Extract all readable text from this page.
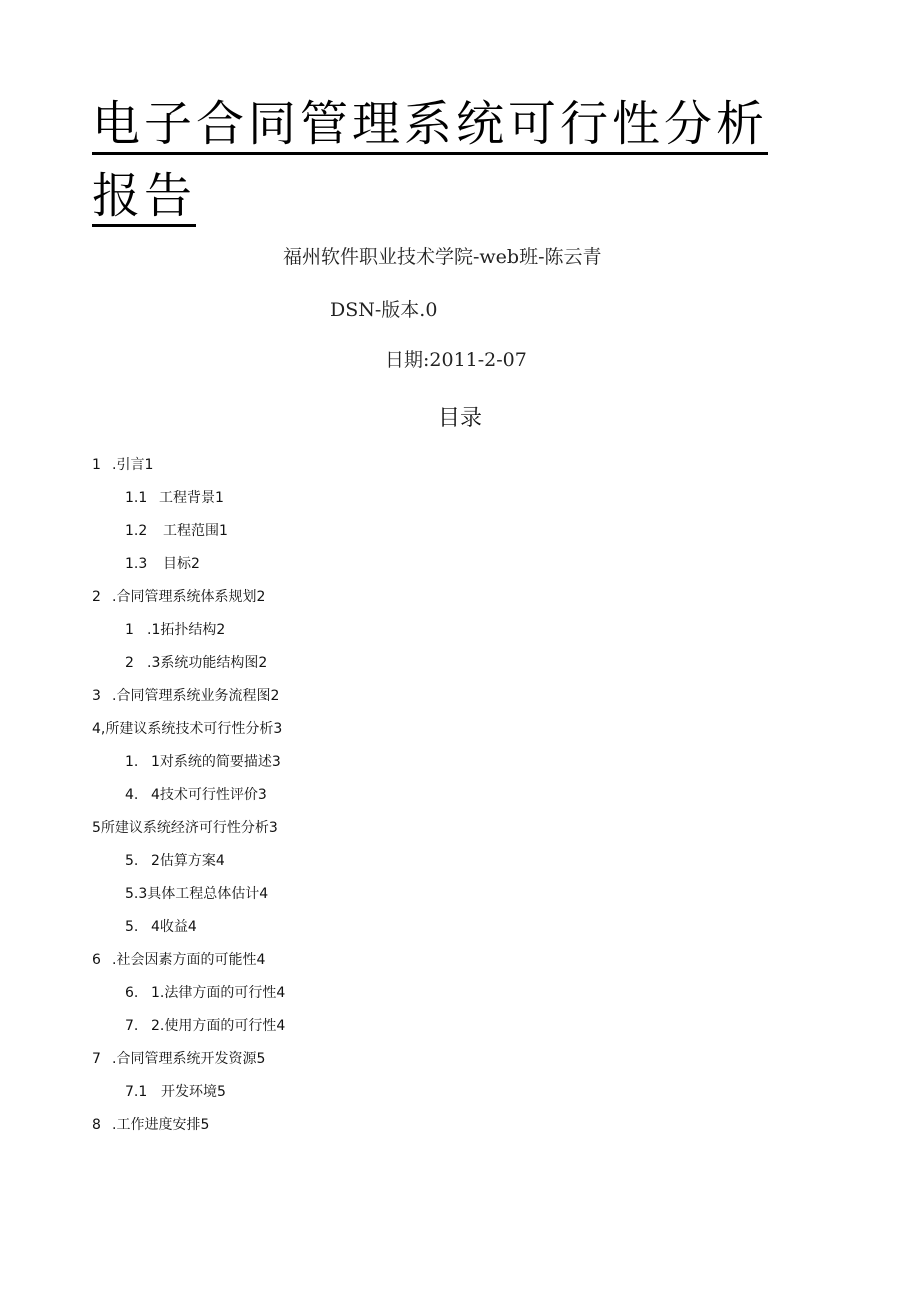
电子合同管理系统可行性分析
报告

福州软件职业技术学院-web班-陈云青

DSN-版本.0

日期:2011-2-07

目录
1 .引言1
1.1 工程背景1
1.2 工程范围1
1.3 目标2
2 .合同管理系统体系规划2
1 .1拓扑结构2
2 .3系统功能结构图2
3 .合同管理系统业务流程图2
4,所建议系统技术可行性分析3
1. 1对系统的简要描述3
4. 4技术可行性评价3
5所建议系统经济可行性分析3
5. 2估算方案4
5.3具体工程总体估计4
5. 4收益4
6 .社会因素方面的可能性4
6. 1.法律方面的可行性4
7. 2.使用方面的可行性4
7 .合同管理系统开发资源5
7.1 开发环境5
8 .工作进度安排5
